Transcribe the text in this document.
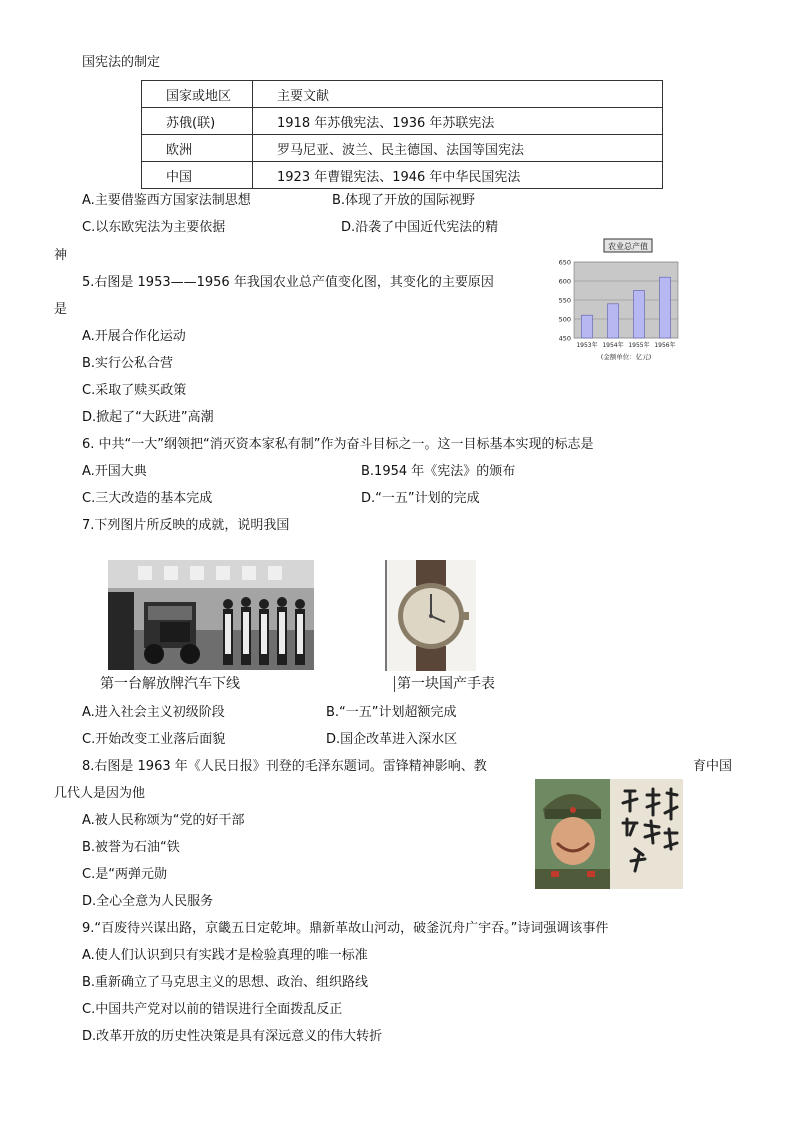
国宪法的制定
国家或地区	主要文献
苏俄(联)	1918 年苏俄宪法、1936 年苏联宪法
欧洲	罗马尼亚、波兰、民主德国、法国等国宪法
中国	1923 年曹锟宪法、1946 年中华民国宪法
A.主要借鉴西方国家法制思想	B.体现了开放的国际视野
C.以东欧宪法为主要依据	D.沿袭了中国近代宪法的精
神
5.右图是 1953——1956 年我国农业总产值变化图，其变化的主要原因
是
A.开展合作化运动
B.实行公私合营
C.采取了赎买政策
D.掀起了“大跃进”高潮
农业总产值
450
500
550
600
650
1953年 1954年 1955年 1956年
(金额单位：亿元)
6. 中共“一大”纲领把“消灭资本家私有制”作为奋斗目标之一。这一目标基本实现的标志是
A.开国大典	B.1954 年《宪法》的颁布
C.三大改造的基本完成	D.“一五”计划的完成
7.下列图片所反映的成就，说明我国
第一台解放牌汽车下线	第一块国产手表
A.进入社会主义初级阶段	B.“一五”计划超额完成
C.开始改变工业落后面貌	D.国企改革进入深水区
8.右图是 1963 年《人民日报》刊登的毛泽东题词。雷锋精神影响、教	育中国
几代人是因为他
A.被人民称颂为“党的好干部
B.被誉为石油“铁
C.是“两弹元勋
D.全心全意为人民服务
9.“百废待兴谋出路，京畿五日定乾坤。鼎新革故山河动，破釜沉舟广宇吞。”诗词强调该事件
A.使人们认识到只有实践才是检验真理的唯一标准
B.重新确立了马克思主义的思想、政治、组织路线
C.中国共产党对以前的错误进行全面拨乱反正
D.改革开放的历史性决策是具有深远意义的伟大转折
